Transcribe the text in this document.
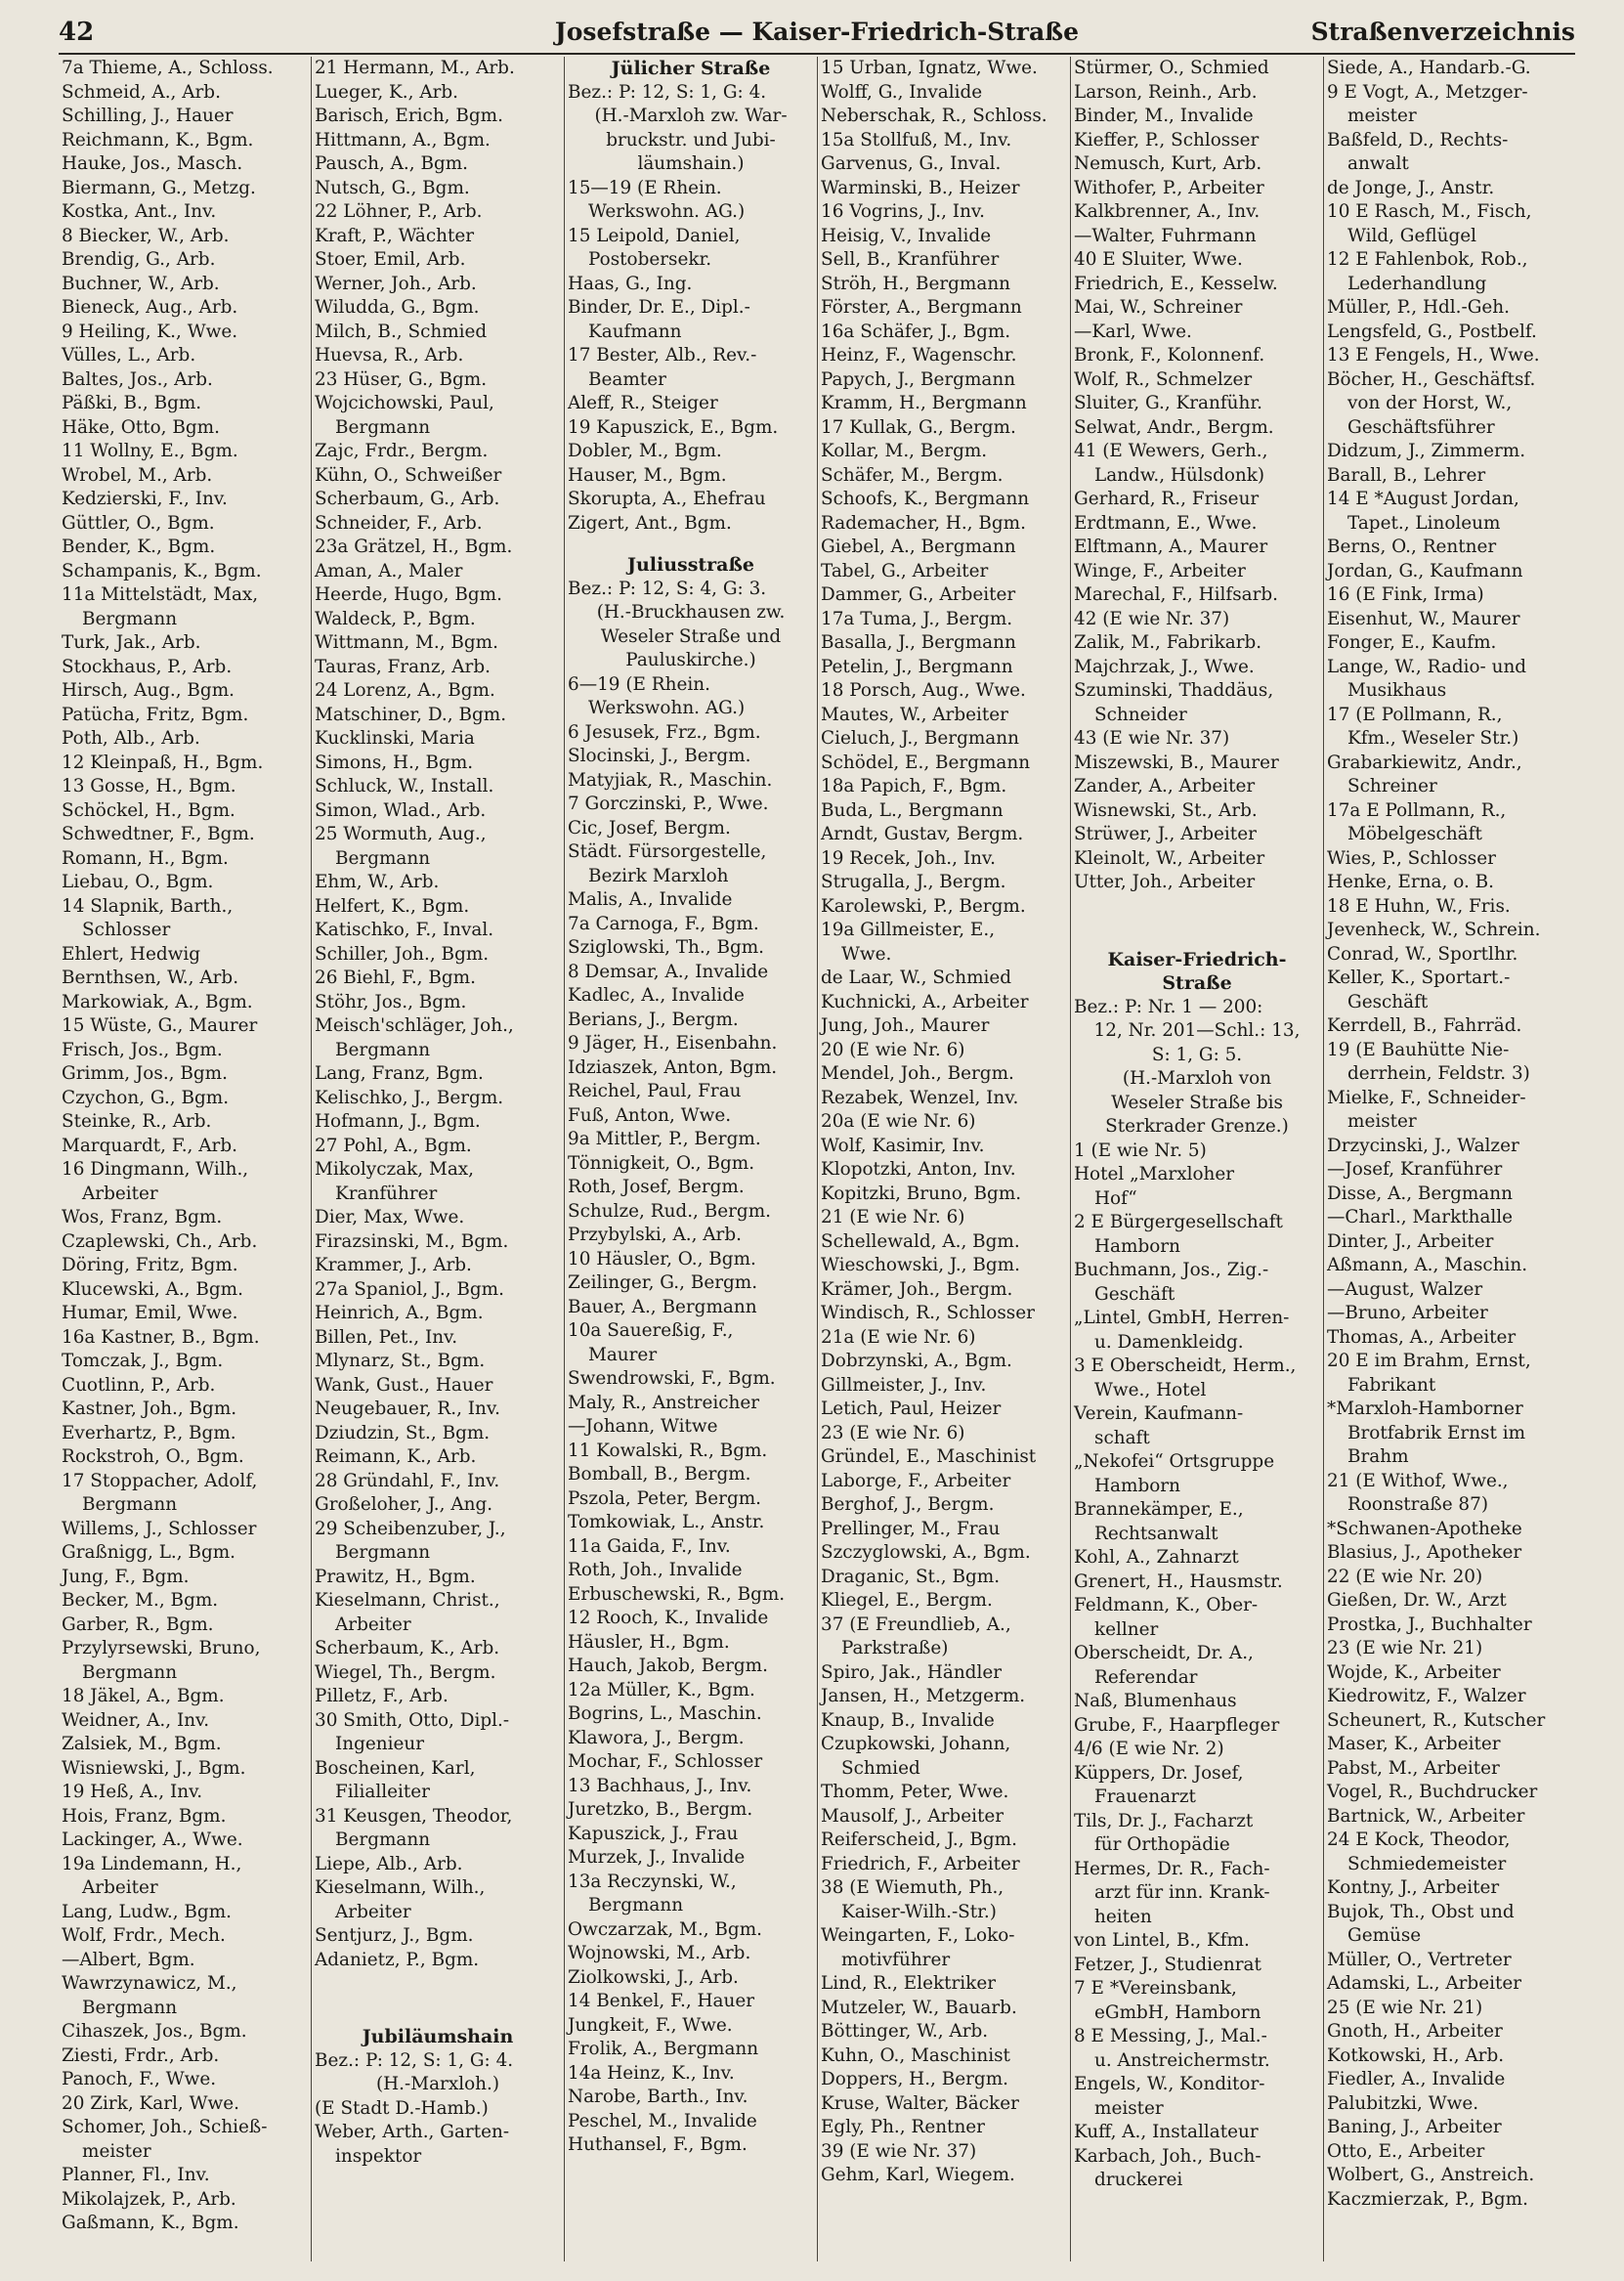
42	Josefstraße — Kaiser-Friedrich-Straße	Straßenverzeichnis
7a Thieme, A., Schloss.
Schmeid, A., Arb.
Schilling, J., Hauer
Reichmann, K., Bgm.
Hauke, Jos., Masch.
Biermann, G., Metzg.
Kostka, Ant., Inv.
8 Biecker, W., Arb.
Brendig, G., Arb.
Buchner, W., Arb.
Bieneck, Aug., Arb.
9 Heiling, K., Wwe.
Vülles, L., Arb.
Baltes, Jos., Arb.
Päßki, B., Bgm.
Häke, Otto, Bgm.
11 Wollny, E., Bgm.
Wrobel, M., Arb.
Kedzierski, F., Inv.
Güttler, O., Bgm.
Bender, K., Bgm.
Schampanis, K., Bgm.
11a Mittelstädt, Max,
Bergmann
Turk, Jak., Arb.
Stockhaus, P., Arb.
Hirsch, Aug., Bgm.
Patücha, Fritz, Bgm.
Poth, Alb., Arb.
12 Kleinpaß, H., Bgm.
13 Gosse, H., Bgm.
Schöckel, H., Bgm.
Schwedtner, F., Bgm.
Romann, H., Bgm.
Liebau, O., Bgm.
14 Slapnik, Barth.,
Schlosser
Ehlert, Hedwig
Bernthsen, W., Arb.
Markowiak, A., Bgm.
15 Wüste, G., Maurer
Frisch, Jos., Bgm.
Grimm, Jos., Bgm.
Czychon, G., Bgm.
Steinke, R., Arb.
Marquardt, F., Arb.
16 Dingmann, Wilh.,
Arbeiter
Wos, Franz, Bgm.
Czaplewski, Ch., Arb.
Döring, Fritz, Bgm.
Klucewski, A., Bgm.
Humar, Emil, Wwe.
16a Kastner, B., Bgm.
Tomczak, J., Bgm.
Cuotlinn, P., Arb.
Kastner, Joh., Bgm.
Everhartz, P., Bgm.
Rockstroh, O., Bgm.
17 Stoppacher, Adolf,
Bergmann
Willems, J., Schlosser
Graßnigg, L., Bgm.
Jung, F., Bgm.
Becker, M., Bgm.
Garber, R., Bgm.
Przylyrsewski, Bruno,
Bergmann
18 Jäkel, A., Bgm.
Weidner, A., Inv.
Zalsiek, M., Bgm.
Wisniewski, J., Bgm.
19 Heß, A., Inv.
Hois, Franz, Bgm.
Lackinger, A., Wwe.
19a Lindemann, H.,
Arbeiter
Lang, Ludw., Bgm.
Wolf, Frdr., Mech.
—Albert, Bgm.
Wawrzynawicz, M.,
Bergmann
Cihaszek, Jos., Bgm.
Ziesti, Frdr., Arb.
Panoch, F., Wwe.
20 Zirk, Karl, Wwe.
Schomer, Joh., Schieß-
meister
Planner, Fl., Inv.
Mikolajzek, P., Arb.
Gaßmann, K., Bgm.
21 Hermann, M., Arb.
Lueger, K., Arb.
Barisch, Erich, Bgm.
Hittmann, A., Bgm.
Pausch, A., Bgm.
Nutsch, G., Bgm.
22 Löhner, P., Arb.
Kraft, P., Wächter
Stoer, Emil, Arb.
Werner, Joh., Arb.
Wiludda, G., Bgm.
Milch, B., Schmied
Huevsa, R., Arb.
23 Hüser, G., Bgm.
Wojcichowski, Paul,
Bergmann
Zajc, Frdr., Bergm.
Kühn, O., Schweißer
Scherbaum, G., Arb.
Schneider, F., Arb.
23a Grätzel, H., Bgm.
Aman, A., Maler
Heerde, Hugo, Bgm.
Waldeck, P., Bgm.
Wittmann, M., Bgm.
Tauras, Franz, Arb.
24 Lorenz, A., Bgm.
Matschiner, D., Bgm.
Kucklinski, Maria
Simons, H., Bgm.
Schluck, W., Install.
Simon, Wlad., Arb.
25 Wormuth, Aug.,
Bergmann
Ehm, W., Arb.
Helfert, K., Bgm.
Katischko, F., Inval.
Schiller, Joh., Bgm.
26 Biehl, F., Bgm.
Stöhr, Jos., Bgm.
Meisch'schläger, Joh.,
Bergmann
Lang, Franz, Bgm.
Kelischko, J., Bergm.
Hofmann, J., Bgm.
27 Pohl, A., Bgm.
Mikolyczak, Max,
Kranführer
Dier, Max, Wwe.
Firazsinski, M., Bgm.
Krammer, J., Arb.
27a Spaniol, J., Bgm.
Heinrich, A., Bgm.
Billen, Pet., Inv.
Mlynarz, St., Bgm.
Wank, Gust., Hauer
Neugebauer, R., Inv.
Dziudzin, St., Bgm.
Reimann, K., Arb.
28 Gründahl, F., Inv.
Großeloher, J., Ang.
29 Scheibenzuber, J.,
Bergmann
Prawitz, H., Bgm.
Kieselmann, Christ.,
Arbeiter
Scherbaum, K., Arb.
Wiegel, Th., Bergm.
Pilletz, F., Arb.
30 Smith, Otto, Dipl.-
Ingenieur
Boscheinen, Karl,
Filialleiter
31 Keusgen, Theodor,
Bergmann
Liepe, Alb., Arb.
Kieselmann, Wilh.,
Arbeiter
Sentjurz, J., Bgm.
Adanietz, P., Bgm.
Jubiläumshain
Bez.: P: 12, S: 1, G: 4.
(H.-Marxloh.)
(E Stadt D.-Hamb.)
Weber, Arth., Garten-
inspektor
Jülicher Straße
Bez.: P: 12, S: 1, G: 4.
(H.-Marxloh zw. War-
bruckstr. und Jubi-
läumshain.)
15—19 (E Rhein.
Werkswohn. AG.)
15 Leipold, Daniel,
Postobersekr.
Haas, G., Ing.
Binder, Dr. E., Dipl.-
Kaufmann
17 Bester, Alb., Rev.-
Beamter
Aleff, R., Steiger
19 Kapuszick, E., Bgm.
Dobler, M., Bgm.
Hauser, M., Bgm.
Skorupta, A., Ehefrau
Zigert, Ant., Bgm.
Juliusstraße
Bez.: P: 12, S: 4, G: 3.
(H.-Bruckhausen zw.
Weseler Straße und
Pauluskirche.)
6—19 (E Rhein.
Werkswohn. AG.)
6 Jesusek, Frz., Bgm.
Slocinski, J., Bergm.
Matyjiak, R., Maschin.
7 Gorczinski, P., Wwe.
Cic, Josef, Bergm.
Städt. Fürsorgestelle,
Bezirk Marxloh
Malis, A., Invalide
7a Carnoga, F., Bgm.
Sziglowski, Th., Bgm.
8 Demsar, A., Invalide
Kadlec, A., Invalide
Berians, J., Bergm.
9 Jäger, H., Eisenbahn.
Idziaszek, Anton, Bgm.
Reichel, Paul, Frau
Fuß, Anton, Wwe.
9a Mittler, P., Bergm.
Tönnigkeit, O., Bgm.
Roth, Josef, Bergm.
Schulze, Rud., Bergm.
Przybylski, A., Arb.
10 Häusler, O., Bgm.
Zeilinger, G., Bergm.
Bauer, A., Bergmann
10a Sauereßig, F.,
Maurer
Swendrowski, F., Bgm.
Maly, R., Anstreicher
—Johann, Witwe
11 Kowalski, R., Bgm.
Bomball, B., Bergm.
Pszola, Peter, Bergm.
Tomkowiak, L., Anstr.
11a Gaida, F., Inv.
Roth, Joh., Invalide
Erbuschewski, R., Bgm.
12 Rooch, K., Invalide
Häusler, H., Bgm.
Hauch, Jakob, Bergm.
12a Müller, K., Bgm.
Bogrins, L., Maschin.
Klawora, J., Bergm.
Mochar, F., Schlosser
13 Bachhaus, J., Inv.
Juretzko, B., Bergm.
Kapuszick, J., Frau
Murzek, J., Invalide
13a Reczynski, W.,
Bergmann
Owczarzak, M., Bgm.
Wojnowski, M., Arb.
Ziolkowski, J., Arb.
14 Benkel, F., Hauer
Jungkeit, F., Wwe.
Frolik, A., Bergmann
14a Heinz, K., Inv.
Narobe, Barth., Inv.
Peschel, M., Invalide
Huthansel, F., Bgm.
15 Urban, Ignatz, Wwe.
Wolff, G., Invalide
Neberschak, R., Schloss.
15a Stollfuß, M., Inv.
Garvenus, G., Inval.
Warminski, B., Heizer
16 Vogrins, J., Inv.
Heisig, V., Invalide
Sell, B., Kranführer
Ströh, H., Bergmann
Förster, A., Bergmann
16a Schäfer, J., Bgm.
Heinz, F., Wagenschr.
Papych, J., Bergmann
Kramm, H., Bergmann
17 Kullak, G., Bergm.
Kollar, M., Bergm.
Schäfer, M., Bergm.
Schoofs, K., Bergmann
Rademacher, H., Bgm.
Giebel, A., Bergmann
Tabel, G., Arbeiter
Dammer, G., Arbeiter
17a Tuma, J., Bergm.
Basalla, J., Bergmann
Petelin, J., Bergmann
18 Porsch, Aug., Wwe.
Mautes, W., Arbeiter
Cieluch, J., Bergmann
Schödel, E., Bergmann
18a Papich, F., Bgm.
Buda, L., Bergmann
Arndt, Gustav, Bergm.
19 Recek, Joh., Inv.
Strugalla, J., Bergm.
Karolewski, P., Bergm.
19a Gillmeister, E.,
Wwe.
de Laar, W., Schmied
Kuchnicki, A., Arbeiter
Jung, Joh., Maurer
20 (E wie Nr. 6)
Mendel, Joh., Bergm.
Rezabek, Wenzel, Inv.
20a (E wie Nr. 6)
Wolf, Kasimir, Inv.
Klopotzki, Anton, Inv.
Kopitzki, Bruno, Bgm.
21 (E wie Nr. 6)
Schellewald, A., Bgm.
Wieschowski, J., Bgm.
Krämer, Joh., Bergm.
Windisch, R., Schlosser
21a (E wie Nr. 6)
Dobrzynski, A., Bgm.
Gillmeister, J., Inv.
Letich, Paul, Heizer
23 (E wie Nr. 6)
Gründel, E., Maschinist
Laborge, F., Arbeiter
Berghof, J., Bergm.
Prellinger, M., Frau
Szczyglowski, A., Bgm.
Draganic, St., Bgm.
Kliegel, E., Bergm.
37 (E Freundlieb, A.,
Parkstraße)
Spiro, Jak., Händler
Jansen, H., Metzgerm.
Knaup, B., Invalide
Czupkowski, Johann,
Schmied
Thomm, Peter, Wwe.
Mausolf, J., Arbeiter
Reiferscheid, J., Bgm.
Friedrich, F., Arbeiter
38 (E Wiemuth, Ph.,
Kaiser-Wilh.-Str.)
Weingarten, F., Loko-
motivführer
Lind, R., Elektriker
Mutzeler, W., Bauarb.
Böttinger, W., Arb.
Kuhn, O., Maschinist
Doppers, H., Bergm.
Kruse, Walter, Bäcker
Egly, Ph., Rentner
39 (E wie Nr. 37)
Gehm, Karl, Wiegem.
Stürmer, O., Schmied
Larson, Reinh., Arb.
Binder, M., Invalide
Kieffer, P., Schlosser
Nemusch, Kurt, Arb.
Withofer, P., Arbeiter
Kalkbrenner, A., Inv.
—Walter, Fuhrmann
40 E Sluiter, Wwe.
Friedrich, E., Kesselw.
Mai, W., Schreiner
—Karl, Wwe.
Bronk, F., Kolonnenf.
Wolf, R., Schmelzer
Sluiter, G., Kranführ.
Selwat, Andr., Bergm.
41 (E Wewers, Gerh.,
Landw., Hülsdonk)
Gerhard, R., Friseur
Erdtmann, E., Wwe.
Elftmann, A., Maurer
Winge, F., Arbeiter
Marechal, F., Hilfsarb.
42 (E wie Nr. 37)
Zalik, M., Fabrikarb.
Majchrzak, J., Wwe.
Szuminski, Thaddäus,
Schneider
43 (E wie Nr. 37)
Miszewski, B., Maurer
Zander, A., Arbeiter
Wisnewski, St., Arb.
Strüwer, J., Arbeiter
Kleinolt, W., Arbeiter
Utter, Joh., Arbeiter
Kaiser-Friedrich-
Straße
Bez.: P: Nr. 1 — 200:
12, Nr. 201—Schl.: 13,
S: 1, G: 5.
(H.-Marxloh von
Weseler Straße bis
Sterkrader Grenze.)
1 (E wie Nr. 5)
Hotel „Marxloher
Hof“
2 E Bürgergesellschaft
Hamborn
Buchmann, Jos., Zig.-
Geschäft
„Lintel, GmbH, Herren-
u. Damenkleidg.
3 E Oberscheidt, Herm.,
Wwe., Hotel
Verein, Kaufmann-
schaft
„Nekofei“ Ortsgruppe
Hamborn
Brannekämper, E.,
Rechtsanwalt
Kohl, A., Zahnarzt
Grenert, H., Hausmstr.
Feldmann, K., Ober-
kellner
Oberscheidt, Dr. A.,
Referendar
Naß, Blumenhaus
Grube, F., Haarpfleger
4/6 (E wie Nr. 2)
Küppers, Dr. Josef,
Frauenarzt
Tils, Dr. J., Facharzt
für Orthopädie
Hermes, Dr. R., Fach-
arzt für inn. Krank-
heiten
von Lintel, B., Kfm.
Fetzer, J., Studienrat
7 E *Vereinsbank,
eGmbH, Hamborn
8 E Messing, J., Mal.-
u. Anstreichermstr.
Engels, W., Konditor-
meister
Kuff, A., Installateur
Karbach, Joh., Buch-
druckerei
Siede, A., Handarb.-G.
9 E Vogt, A., Metzger-
meister
Baßfeld, D., Rechts-
anwalt
de Jonge, J., Anstr.
10 E Rasch, M., Fisch,
Wild, Geflügel
12 E Fahlenbok, Rob.,
Lederhandlung
Müller, P., Hdl.-Geh.
Lengsfeld, G., Postbelf.
13 E Fengels, H., Wwe.
Böcher, H., Geschäftsf.
von der Horst, W.,
Geschäftsführer
Didzum, J., Zimmerm.
Barall, B., Lehrer
14 E *August Jordan,
Tapet., Linoleum
Berns, O., Rentner
Jordan, G., Kaufmann
16 (E Fink, Irma)
Eisenhut, W., Maurer
Fonger, E., Kaufm.
Lange, W., Radio- und
Musikhaus
17 (E Pollmann, R.,
Kfm., Weseler Str.)
Grabarkiewitz, Andr.,
Schreiner
17a E Pollmann, R.,
Möbelgeschäft
Wies, P., Schlosser
Henke, Erna, o. B.
18 E Huhn, W., Fris.
Jevenheck, W., Schrein.
Conrad, W., Sportlhr.
Keller, K., Sportart.-
Geschäft
Kerrdell, B., Fahrräd.
19 (E Bauhütte Nie-
derrhein, Feldstr. 3)
Mielke, F., Schneider-
meister
Drzycinski, J., Walzer
—Josef, Kranführer
Disse, A., Bergmann
—Charl., Markthalle
Dinter, J., Arbeiter
Aßmann, A., Maschin.
—August, Walzer
—Bruno, Arbeiter
Thomas, A., Arbeiter
20 E im Brahm, Ernst,
Fabrikant
*Marxloh-Hamborner
Brotfabrik Ernst im
Brahm
21 (E Withof, Wwe.,
Roonstraße 87)
*Schwanen-Apotheke
Blasius, J., Apotheker
22 (E wie Nr. 20)
Gießen, Dr. W., Arzt
Prostka, J., Buchhalter
23 (E wie Nr. 21)
Wojde, K., Arbeiter
Kiedrowitz, F., Walzer
Scheunert, R., Kutscher
Maser, K., Arbeiter
Pabst, M., Arbeiter
Vogel, R., Buchdrucker
Bartnick, W., Arbeiter
24 E Kock, Theodor,
Schmiedemeister
Kontny, J., Arbeiter
Bujok, Th., Obst und
Gemüse
Müller, O., Vertreter
Adamski, L., Arbeiter
25 (E wie Nr. 21)
Gnoth, H., Arbeiter
Kotkowski, H., Arb.
Fiedler, A., Invalide
Palubitzki, Wwe.
Baning, J., Arbeiter
Otto, E., Arbeiter
Wolbert, G., Anstreich.
Kaczmierzak, P., Bgm.
